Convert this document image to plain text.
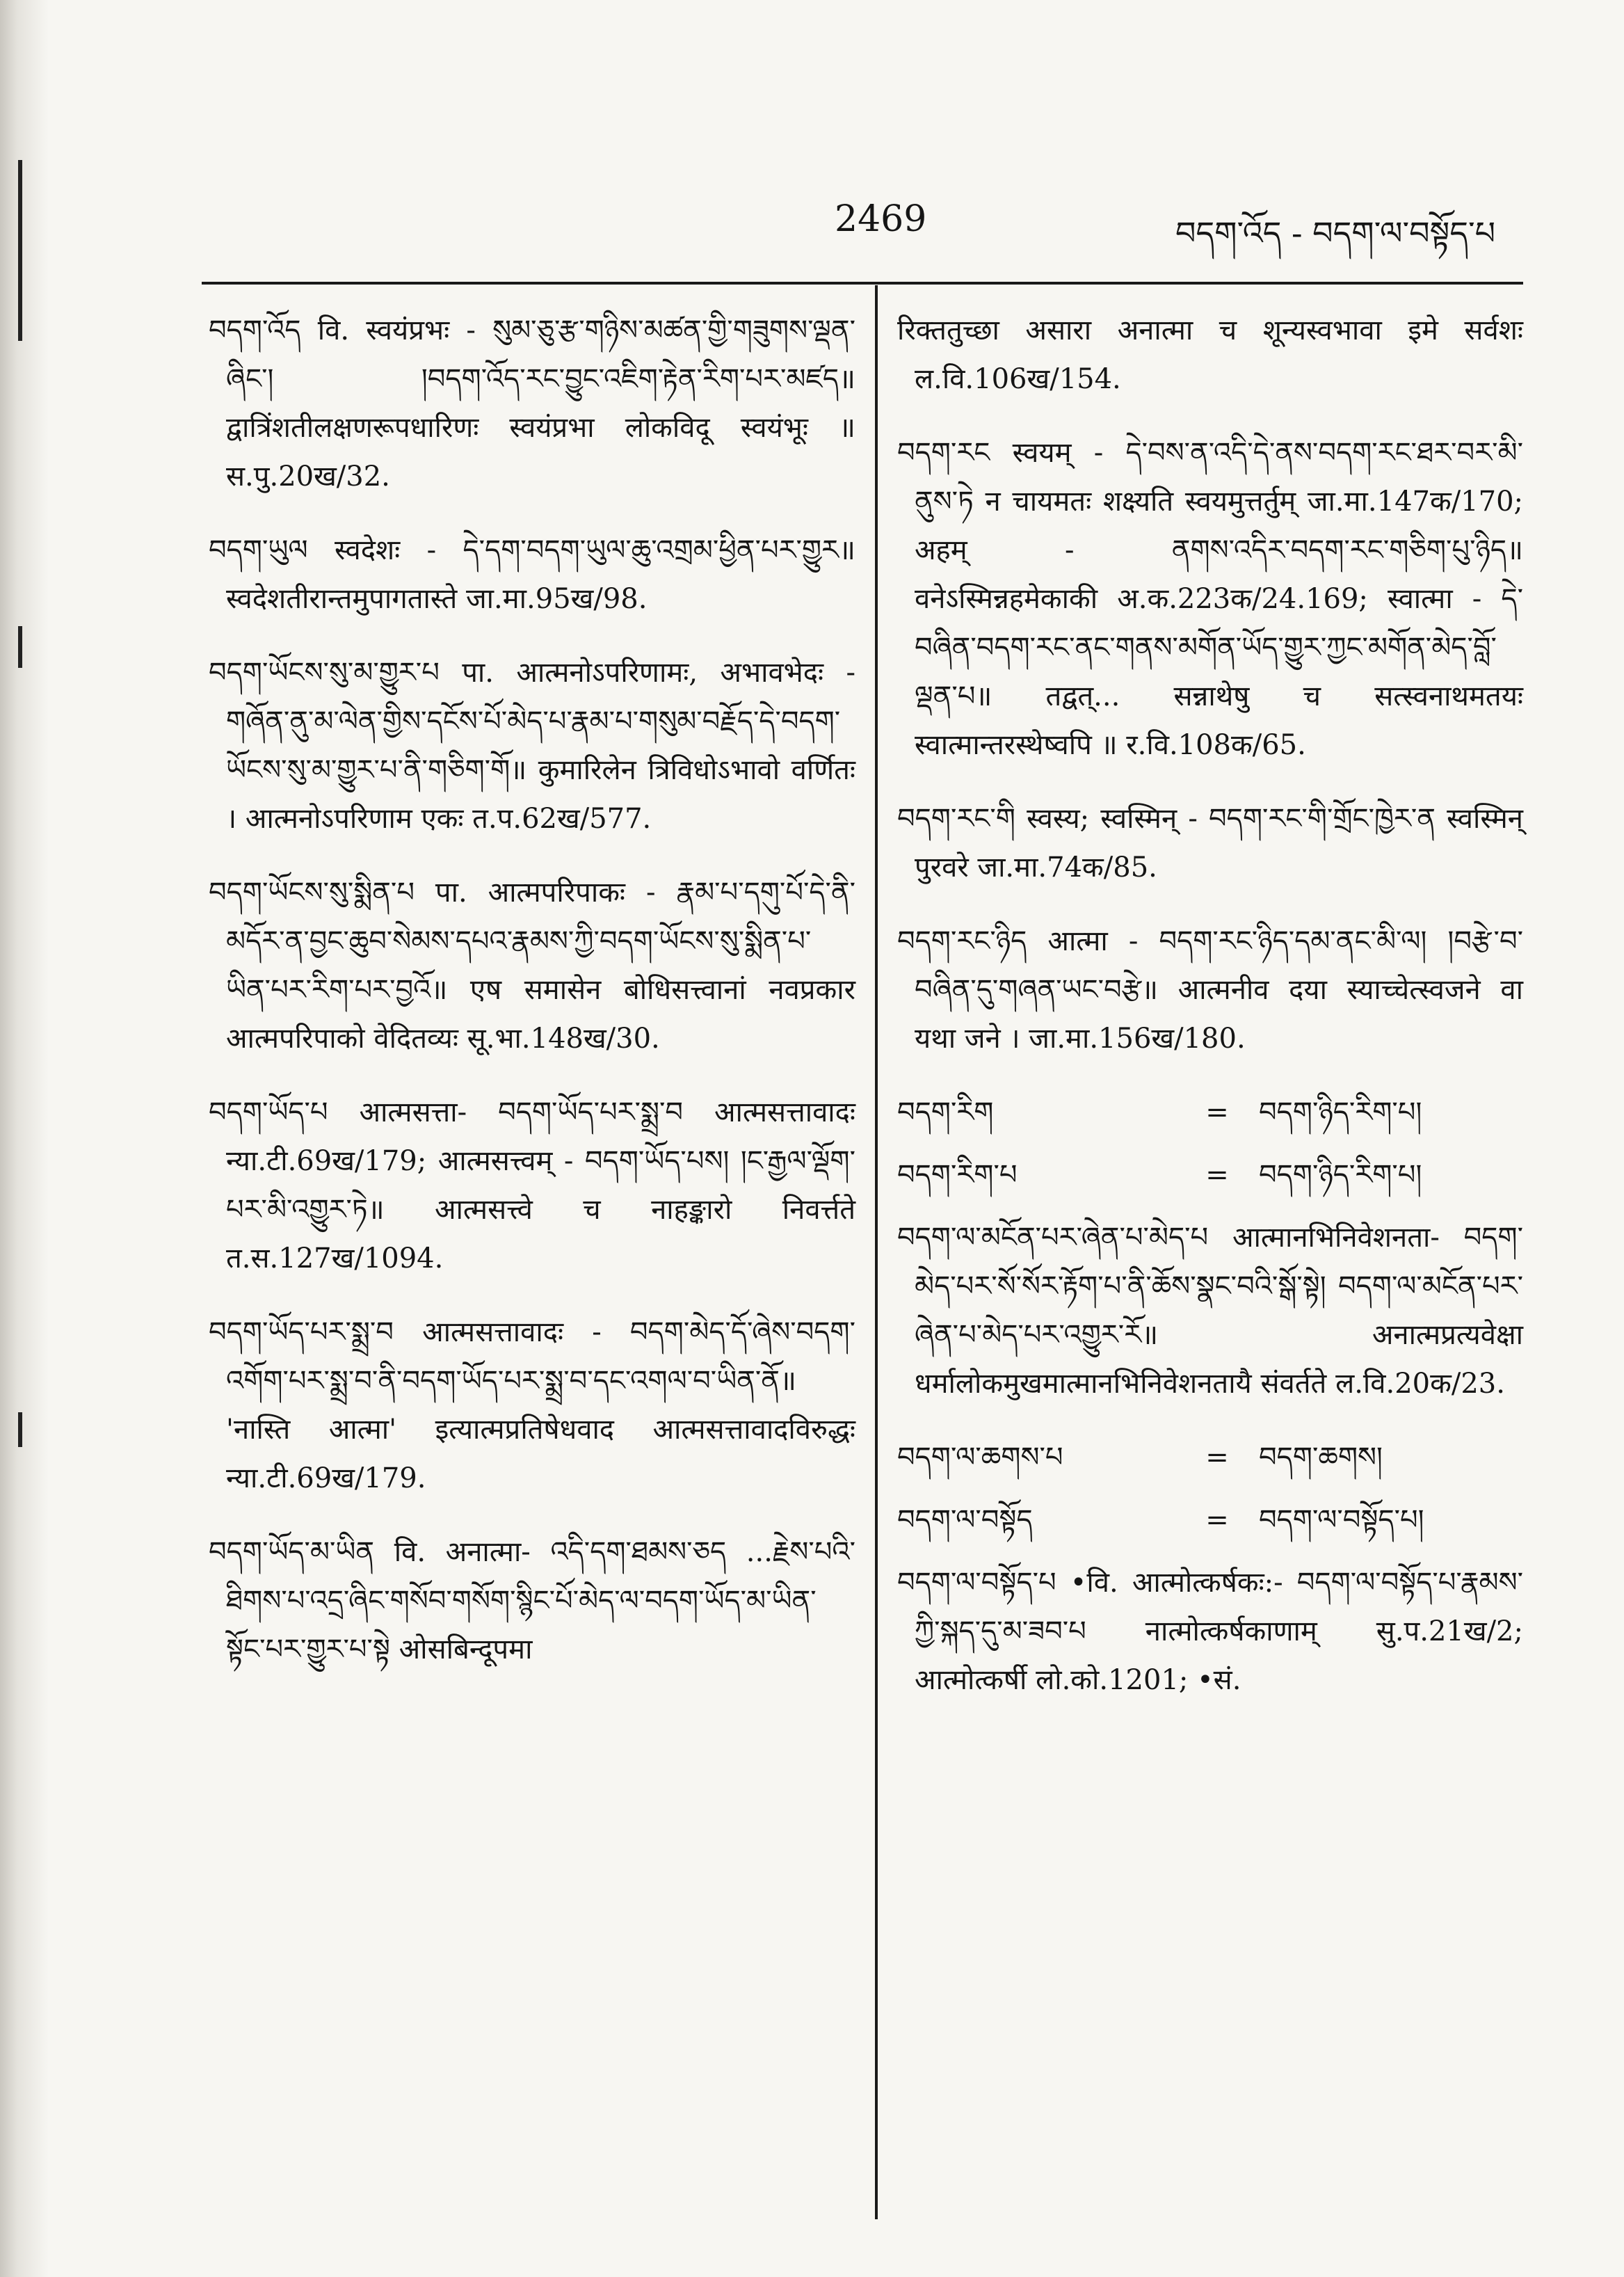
2469	བདག་འོད - བདག་ལ་བསྟོད་པ
བདག་འོད वि. स्वयंप्रभः - སུམ་ཅུ་རྩ་གཉིས་མཚན་གྱི་གཟུགས་ལྡན་ཞིང་། །བདག་འོད་རང་བྱུང་འཇིག་རྟེན་རིག་པར་མཛད॥ द्वात्रिंशतीलक्षणरूपधारिणः स्वयंप्रभा लोकविदू स्वयंभूः ॥ स.पु.20ख/32.
བདག་ཡུལ स्वदेशः - དེ་དག་བདག་ཡུལ་ཆུ་འགྲམ་ཕྱིན་པར་གྱུར॥ स्वदेशतीरान्तमुपागतास्ते जा.मा.95ख/98.
བདག་ཡོངས་སུ་མ་གྱུར་པ पा. आत्मनोऽपरिणामः, अभावभेदः - གཞོན་ནུ་མ་ལེན་གྱིས་དངོས་པོ་མེད་པ་རྣམ་པ་གསུམ་བརྗོད་དེ་བདག་ཡོངས་སུ་མ་གྱུར་པ་ནི་གཅིག་གོ॥ कुमारिलेन त्रिविधोऽभावो वर्णितः । आत्मनोऽपरिणाम एकः त.प.62ख/577.
བདག་ཡོངས་སུ་སྨིན་པ पा. आत्मपरिपाकः - རྣམ་པ་དགུ་པོ་དེ་ནི་མདོར་ན་བྱང་ཆུབ་སེམས་དཔའ་རྣམས་ཀྱི་བདག་ཡོངས་སུ་སྨིན་པ་ཡིན་པར་རིག་པར་བྱའོ॥ एष समासेन बोधिसत्त्वानां नवप्रकार आत्मपरिपाको वेदितव्यः सू.भा.148ख/30.
བདག་ཡོད་པ आत्मसत्ता- བདག་ཡོད་པར་སྨྲ་བ आत्मसत्तावादः न्या.टी.69ख/179; आत्मसत्त्वम् - བདག་ཡོད་པས། །ང་རྒྱལ་ལྡོག་པར་མི་འགྱུར་ཏེ॥ आत्मसत्त्वे च नाहङ्कारो निवर्त्तते त.स.127ख/1094.
བདག་ཡོད་པར་སྨྲ་བ आत्मसत्तावादः - བདག་མེད་དོ་ཞེས་བདག་འགོག་པར་སྨྲ་བ་ནི་བདག་ཡོད་པར་སྨྲ་བ་དང་འགལ་བ་ཡིན་ནོ॥ 'नास्ति आत्मा' इत्यात्मप्रतिषेधवाद आत्मसत्तावादविरुद्धः न्या.टी.69ख/179.
བདག་ཡོད་མ་ཡིན वि. अनात्मा- འདི་དག་ཐམས་ཅད ...རྗེས་པའི་ཐིགས་པ་འདྲ་ཞིང་གསོབ་གསོག་སྙིང་པོ་མེད་ལ་བདག་ཡོད་མ་ཡིན་སྟོང་པར་གྱུར་པ་སྟེ ओसबिन्दूपमा
रिक्ततुच्छा असारा अनात्मा च शून्यस्वभावा इमे सर्वशः ल.वि.106ख/154.
བདག་རང स्वयम् - དེ་བས་ན་འདི་དེ་ནས་བདག་རང་ཐར་བར་མི་ནུས་ཏེ न चायमतः शक्ष्यति स्वयमुत्तर्तुम् जा.मा.147क/170; अहम् - ནགས་འདིར་བདག་རང་གཅིག་པུ་ཉིད॥ वनेऽस्मिन्नहमेकाकी अ.क.223क/24.169; स्वात्मा - དེ་བཞིན་བདག་རང་ནང་གནས་མགོན་ཡོད་གྱུར་ཀྱང་མགོན་མེད་བློ་ལྡན་པ॥ तद्वत्... सन्नाथेषु च सत्स्वनाथमतयः स्वात्मान्तरस्थेष्वपि ॥ र.वि.108क/65.
བདག་རང་གི स्वस्य; स्वस्मिन् - བདག་རང་གི་གྲོང་ཁྱེར་ན स्वस्मिन् पुरवरे जा.मा.74क/85.
བདག་རང་ཉིད आत्मा - བདག་རང་ཉིད་དམ་ནང་མི་ལ། །བརྩེ་བ་བཞིན་དུ་གཞན་ཡང་བརྩེ॥ आत्मनीव दया स्याच्चेत्स्वजने वा यथा जने । जा.मा.156ख/180.
བདག་རིག	=	བདག་ཉིད་རིག་པ།
བདག་རིག་པ	=	བདག་ཉིད་རིག་པ།
བདག་ལ་མངོན་པར་ཞེན་པ་མེད་པ आत्मानभिनिवेशनता- བདག་མེད་པར་སོ་སོར་རྟོག་པ་ནི་ཆོས་སྣང་བའི་སྒོ་སྟེ། བདག་ལ་མངོན་པར་ཞེན་པ་མེད་པར་འགྱུར་རོ॥ अनात्मप्रत्यवेक्षा धर्मालोकमुखमात्मानभिनिवेशनतायै संवर्तते ल.वि.20क/23.
བདག་ལ་ཆགས་པ	=	བདག་ཆགས།
བདག་ལ་བསྟོད	=	བདག་ལ་བསྟོད་པ།
བདག་ལ་བསྟོད་པ •वि. आत्मोत्कर्षकः:- བདག་ལ་བསྟོད་པ་རྣམས་ཀྱི་སྐད་དུ་མ་ཟབ་པ नात्मोत्कर्षकाणाम् सु.प.21ख/2; आत्मोत्कर्षी लो.को.1201; •सं.
